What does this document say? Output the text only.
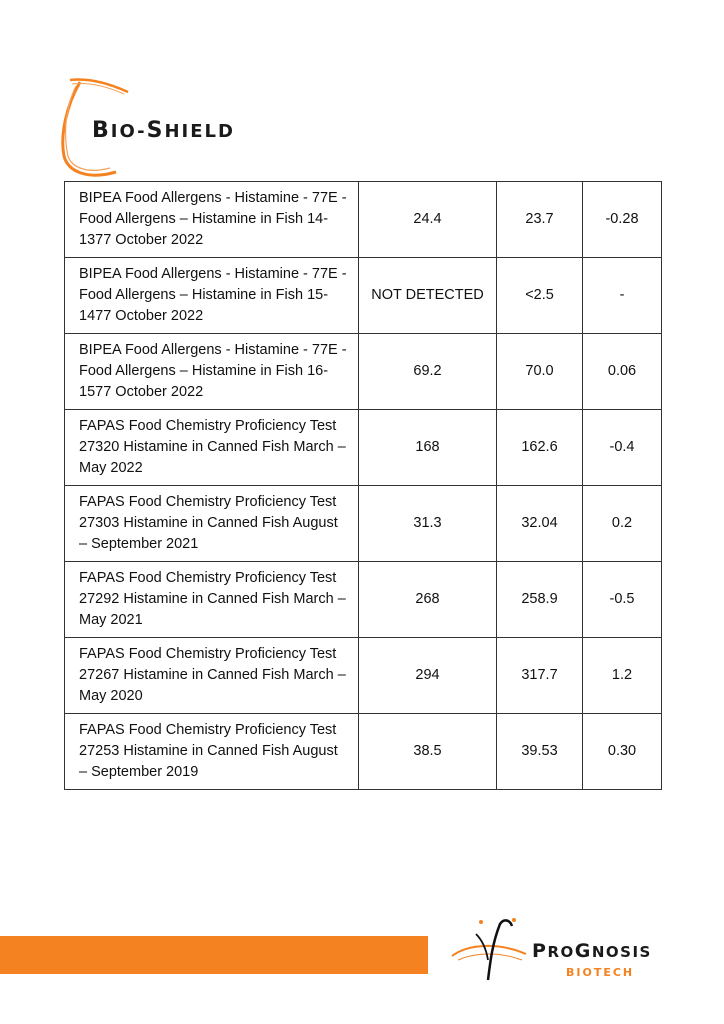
BIO-SHIELD
BIPEA Food Allergens - Histamine - 77E - Food Allergens – Histamine in Fish 14-1377 October 2022	24.4	23.7	-0.28
BIPEA Food Allergens - Histamine - 77E - Food Allergens – Histamine in Fish 15-1477 October 2022	NOT DETECTED	<2.5	-
BIPEA Food Allergens - Histamine - 77E - Food Allergens – Histamine in Fish 16-1577 October 2022	69.2	70.0	0.06
FAPAS Food Chemistry Proficiency Test 27320 Histamine in Canned Fish March – May 2022	168	162.6	-0.4
FAPAS Food Chemistry Proficiency Test 27303 Histamine in Canned Fish August – September 2021	31.3	32.04	0.2
FAPAS Food Chemistry Proficiency Test 27292 Histamine in Canned Fish March – May 2021	268	258.9	-0.5
FAPAS Food Chemistry Proficiency Test 27267 Histamine in Canned Fish March – May 2020	294	317.7	1.2
FAPAS Food Chemistry Proficiency Test 27253 Histamine in Canned Fish August – September 2019	38.5	39.53	0.30
PROGNOSIS
BIOTECH
